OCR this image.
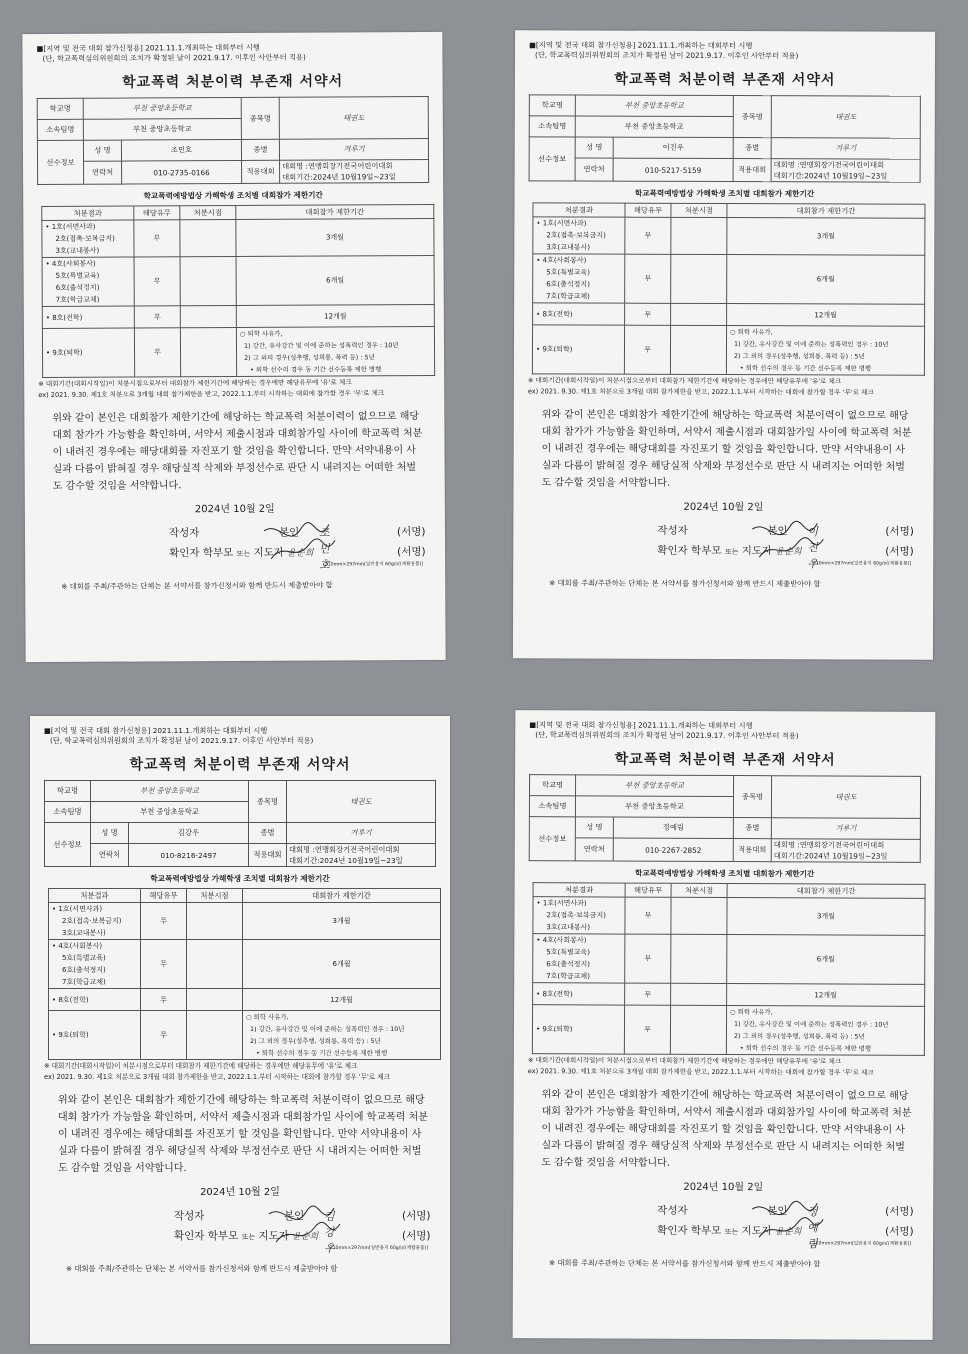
■[지역 및 전국 대회 참가신청용] 2021.11.1.개최하는 대회부터 시행
(단, 학교폭력심의위원회의 조치가 확정된 날이 2021.9.17. 이후인 사안부터 적용)
학교폭력 처분이력 부존재 서약서
학교명	부천 중앙초등학교		종목명	태권도
소속팀명	부천 중앙초등학교			
선수정보	성 명	조민호	종별	겨루기
	연락처	010-2735-0166	적용대회	대회명 :연맹회장기전국어린이대회
대회기간:2024년 10월19일~23일
학교폭력예방법상 가해학생 조치별 대회참가 제한기간
처분결과	해당유무	처분시점	대회참가 제한기간

• 1호(서면사과)
2호(접촉·보복금지)
3호(교내봉사)	무		3개월

• 4호(사회봉사)
5호(특별교육)
6호(출석정지)
7호(학급교체)	무		6개월
• 8호(전학)	무		12개월
• 9호(퇴학)	무		○ 퇴학 사유가,
1) 강간, 유사강간 및 이에 준하는 성폭력인 경우 : 10년
2) 그 외의 경우(성추행, 성희롱, 폭력 등) : 5년
• 퇴학 선수의 경우 동 기간 선수등록 제한 병행
※ 대회기간(대회시작일)이 처분시점으로부터 대회참가 제한기간에 해당하는 경우에만 해당유무에 '유'로 체크
ex) 2021. 9.30. 제1호 처분으로 3개월 대회 참가제한을 받고, 2022.1.1.부터 시작하는 대회에 참가할 경우 '무'로 체크
위와 같이 본인은 대회참가 제한기간에 해당하는 학교폭력 처분이력이 없으므로 해당 대회 참가가 가능함을 확인하며, 서약서 제출시점과 대회참가일 사이에 학교폭력 처분이 내려진 경우에는 해당대회를 자진포기 할 것임을 확인합니다. 만약 서약내용이 사실과 다름이 밝혀질 경우 해당실적 삭제와 부정선수로 판단 시 내려지는 어떠한 처벌도 감수할 것임을 서약합니다.
2024년 10월 2일
작성자	본인	조민호
(서명)
확인자 학부모 또는 지도자 윤순희	(서명)
210mm×297mm[일반용지 60g/㎡(재활용품)]
※ 대회를 주최/주관하는 단체는 본 서약서를 참가신청서와 함께 반드시 제출받아야 함
■[지역 및 전국 대회 참가신청용] 2021.11.1.개최하는 대회부터 시행
(단, 학교폭력심의위원회의 조치가 확정된 날이 2021.9.17. 이후인 사안부터 적용)
학교폭력 처분이력 부존재 서약서
학교명	부천 중앙초등학교		종목명	태권도
소속팀명	부천 중앙초등학교			
선수정보	성 명	이진우	종별	겨루기
	연락처	010-5217-5159	적용대회	대회명 :연맹회장기전국어린이대회
대회기간:2024년 10월19일~23일
학교폭력예방법상 가해학생 조치별 대회참가 제한기간
처분결과	해당유무	처분시점	대회참가 제한기간

• 1호(서면사과)
2호(접촉·보복금지)
3호(교내봉사)	무		3개월

• 4호(사회봉사)
5호(특별교육)
6호(출석정지)
7호(학급교체)	무		6개월
• 8호(전학)	무		12개월
• 9호(퇴학)	무		○ 퇴학 사유가,
1) 강간, 유사강간 및 이에 준하는 성폭력인 경우 : 10년
2) 그 외의 경우(성추행, 성희롱, 폭력 등) : 5년
• 퇴학 선수의 경우 동 기간 선수등록 제한 병행
※ 대회기간(대회시작일)이 처분시점으로부터 대회참가 제한기간에 해당하는 경우에만 해당유무에 '유'로 체크
ex) 2021. 9.30. 제1호 처분으로 3개월 대회 참가제한을 받고, 2022.1.1.부터 시작하는 대회에 참가할 경우 '무'로 체크
위와 같이 본인은 대회참가 제한기간에 해당하는 학교폭력 처분이력이 없으므로 해당 대회 참가가 가능함을 확인하며, 서약서 제출시점과 대회참가일 사이에 학교폭력 처분이 내려진 경우에는 해당대회를 자진포기 할 것임을 확인합니다. 만약 서약내용이 사실과 다름이 밝혀질 경우 해당실적 삭제와 부정선수로 판단 시 내려지는 어떠한 처벌도 감수할 것임을 서약합니다.
2024년 10월 2일
작성자	본인	이진우
(서명)
확인자 학부모 또는 지도자 윤순희	(서명)
210mm×297mm[일반용지 60g/㎡(재활용품)]
※ 대회를 주최/주관하는 단체는 본 서약서를 참가신청서와 함께 반드시 제출받아야 함
■[지역 및 전국 대회 참가신청용] 2021.11.1.개최하는 대회부터 시행
(단, 학교폭력심의위원회의 조치가 확정된 날이 2021.9.17. 이후인 사안부터 적용)
학교폭력 처분이력 부존재 서약서
학교명	부천 중앙초등학교		종목명	태권도
소속팀명	부천 중앙초등학교			
선수정보	성 명	김강우	종별	겨루기
	연락처	010-8216-2497	적용대회	대회명 :연맹회장기전국어린이대회
대회기간:2024년 10월19일~23일
학교폭력예방법상 가해학생 조치별 대회참가 제한기간
처분결과	해당유무	처분시점	대회참가 제한기간

• 1호(서면사과)
2호(접촉·보복금지)
3호(교내봉사)	무		3개월

• 4호(사회봉사)
5호(특별교육)
6호(출석정지)
7호(학급교체)	무		6개월
• 8호(전학)	무		12개월
• 9호(퇴학)	무		○ 퇴학 사유가,
1) 강간, 유사강간 및 이에 준하는 성폭력인 경우 : 10년
2) 그 외의 경우(성추행, 성희롱, 폭력 등) : 5년
• 퇴학 선수의 경우 동 기간 선수등록 제한 병행
※ 대회기간(대회시작일)이 처분시점으로부터 대회참가 제한기간에 해당하는 경우에만 해당유무에 '유'로 체크
ex) 2021. 9.30. 제1호 처분으로 3개월 대회 참가제한을 받고, 2022.1.1.부터 시작하는 대회에 참가할 경우 '무'로 체크
위와 같이 본인은 대회참가 제한기간에 해당하는 학교폭력 처분이력이 없으므로 해당 대회 참가가 가능함을 확인하며, 서약서 제출시점과 대회참가일 사이에 학교폭력 처분이 내려진 경우에는 해당대회를 자진포기 할 것임을 확인합니다. 만약 서약내용이 사실과 다름이 밝혀질 경우 해당실적 삭제와 부정선수로 판단 시 내려지는 어떠한 처벌도 감수할 것임을 서약합니다.
2024년 10월 2일
작성자	본인	김강우
(서명)
확인자 학부모 또는 지도자 윤순희	(서명)
210mm×297mm[일반용지 60g/㎡(재활용품)]
※ 대회를 주최/주관하는 단체는 본 서약서를 참가신청서와 함께 반드시 제출받아야 함
■[지역 및 전국 대회 참가신청용] 2021.11.1.개최하는 대회부터 시행
(단, 학교폭력심의위원회의 조치가 확정된 날이 2021.9.17. 이후인 사안부터 적용)
학교폭력 처분이력 부존재 서약서
학교명	부천 중앙초등학교		종목명	태권도
소속팀명	부천 중앙초등학교			
선수정보	성 명	정예림	종별	겨루기
	연락처	010-2267-2852	적용대회	대회명 :연맹회장기전국어린이대회
대회기간:2024년 10월19일~23일
학교폭력예방법상 가해학생 조치별 대회참가 제한기간
처분결과	해당유무	처분시점	대회참가 제한기간

• 1호(서면사과)
2호(접촉·보복금지)
3호(교내봉사)	무		3개월

• 4호(사회봉사)
5호(특별교육)
6호(출석정지)
7호(학급교체)	무		6개월
• 8호(전학)	무		12개월
• 9호(퇴학)	무		○ 퇴학 사유가,
1) 강간, 유사강간 및 이에 준하는 성폭력인 경우 : 10년
2) 그 외의 경우(성추행, 성희롱, 폭력 등) : 5년
• 퇴학 선수의 경우 동 기간 선수등록 제한 병행
※ 대회기간(대회시작일)이 처분시점으로부터 대회참가 제한기간에 해당하는 경우에만 해당유무에 '유'로 체크
ex) 2021. 9.30. 제1호 처분으로 3개월 대회 참가제한을 받고, 2022.1.1.부터 시작하는 대회에 참가할 경우 '무'로 체크
위와 같이 본인은 대회참가 제한기간에 해당하는 학교폭력 처분이력이 없으므로 해당 대회 참가가 가능함을 확인하며, 서약서 제출시점과 대회참가일 사이에 학교폭력 처분이 내려진 경우에는 해당대회를 자진포기 할 것임을 확인합니다. 만약 서약내용이 사실과 다름이 밝혀질 경우 해당실적 삭제와 부정선수로 판단 시 내려지는 어떠한 처벌도 감수할 것임을 서약합니다.
2024년 10월 2일
작성자	본인	정예림
(서명)
확인자 학부모 또는 지도자 윤순희	(서명)
210mm×297mm[일반용지 60g/㎡(재활용품)]
※ 대회를 주최/주관하는 단체는 본 서약서를 참가신청서와 함께 반드시 제출받아야 함
